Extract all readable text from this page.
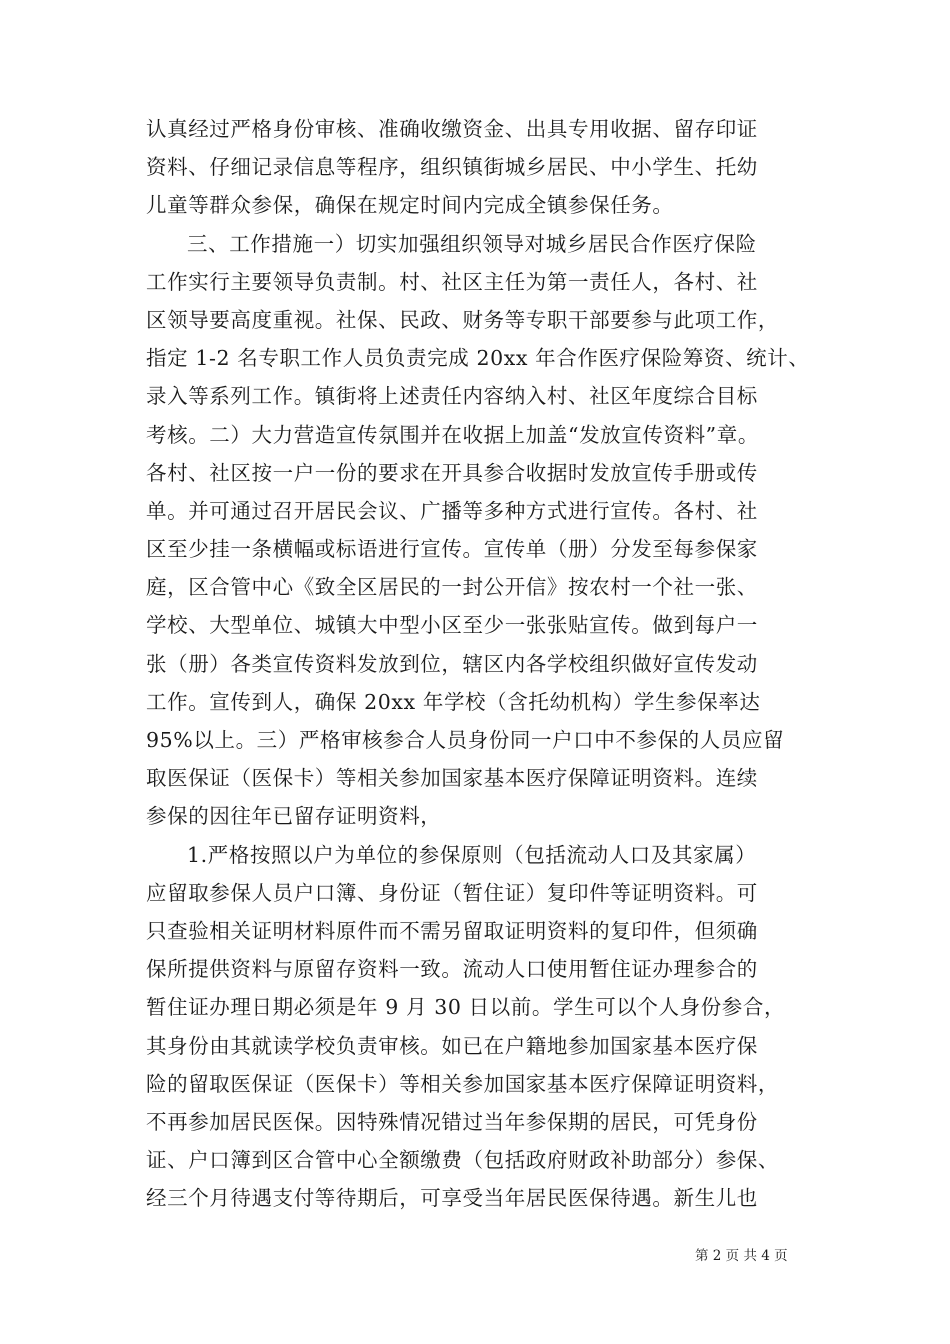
认真经过严格身份审核、准确收缴资金、出具专用收据、留存印证
资料、仔细记录信息等程序，组织镇街城乡居民、中小学生、托幼
儿童等群众参保，确保在规定时间内完成全镇参保任务。
三、工作措施一）切实加强组织领导对城乡居民合作医疗保险
工作实行主要领导负责制。村、社区主任为第一责任人，各村、社
区领导要高度重视。社保、民政、财务等专职干部要参与此项工作，
指定 1-2 名专职工作人员负责完成 20xx 年合作医疗保险筹资、统计、
录入等系列工作。镇街将上述责任内容纳入村、社区年度综合目标
考核。二）大力营造宣传氛围并在收据上加盖“发放宣传资料”章。
各村、社区按一户一份的要求在开具参合收据时发放宣传手册或传
单。并可通过召开居民会议、广播等多种方式进行宣传。各村、社
区至少挂一条横幅或标语进行宣传。宣传单（册）分发至每参保家
庭，区合管中心《致全区居民的一封公开信》按农村一个社一张、
学校、大型单位、城镇大中型小区至少一张张贴宣传。做到每户一
张（册）各类宣传资料发放到位，辖区内各学校组织做好宣传发动
工作。宣传到人，确保 20xx 年学校（含托幼机构）学生参保率达
95%以上。三）严格审核参合人员身份同一户口中不参保的人员应留
取医保证（医保卡）等相关参加国家基本医疗保障证明资料。连续
参保的因往年已留存证明资料，
1.严格按照以户为单位的参保原则（包括流动人口及其家属）
应留取参保人员户口簿、身份证（暂住证）复印件等证明资料。可
只查验相关证明材料原件而不需另留取证明资料的复印件，但须确
保所提供资料与原留存资料一致。流动人口使用暂住证办理参合的
暂住证办理日期必须是年 9 月 30 日以前。学生可以个人身份参合，
其身份由其就读学校负责审核。如已在户籍地参加国家基本医疗保
险的留取医保证（医保卡）等相关参加国家基本医疗保障证明资料，
不再参加居民医保。因特殊情况错过当年参保期的居民，可凭身份
证、户口簿到区合管中心全额缴费（包括政府财政补助部分）参保、
经三个月待遇支付等待期后，可享受当年居民医保待遇。新生儿也
第 2 页 共 4 页
